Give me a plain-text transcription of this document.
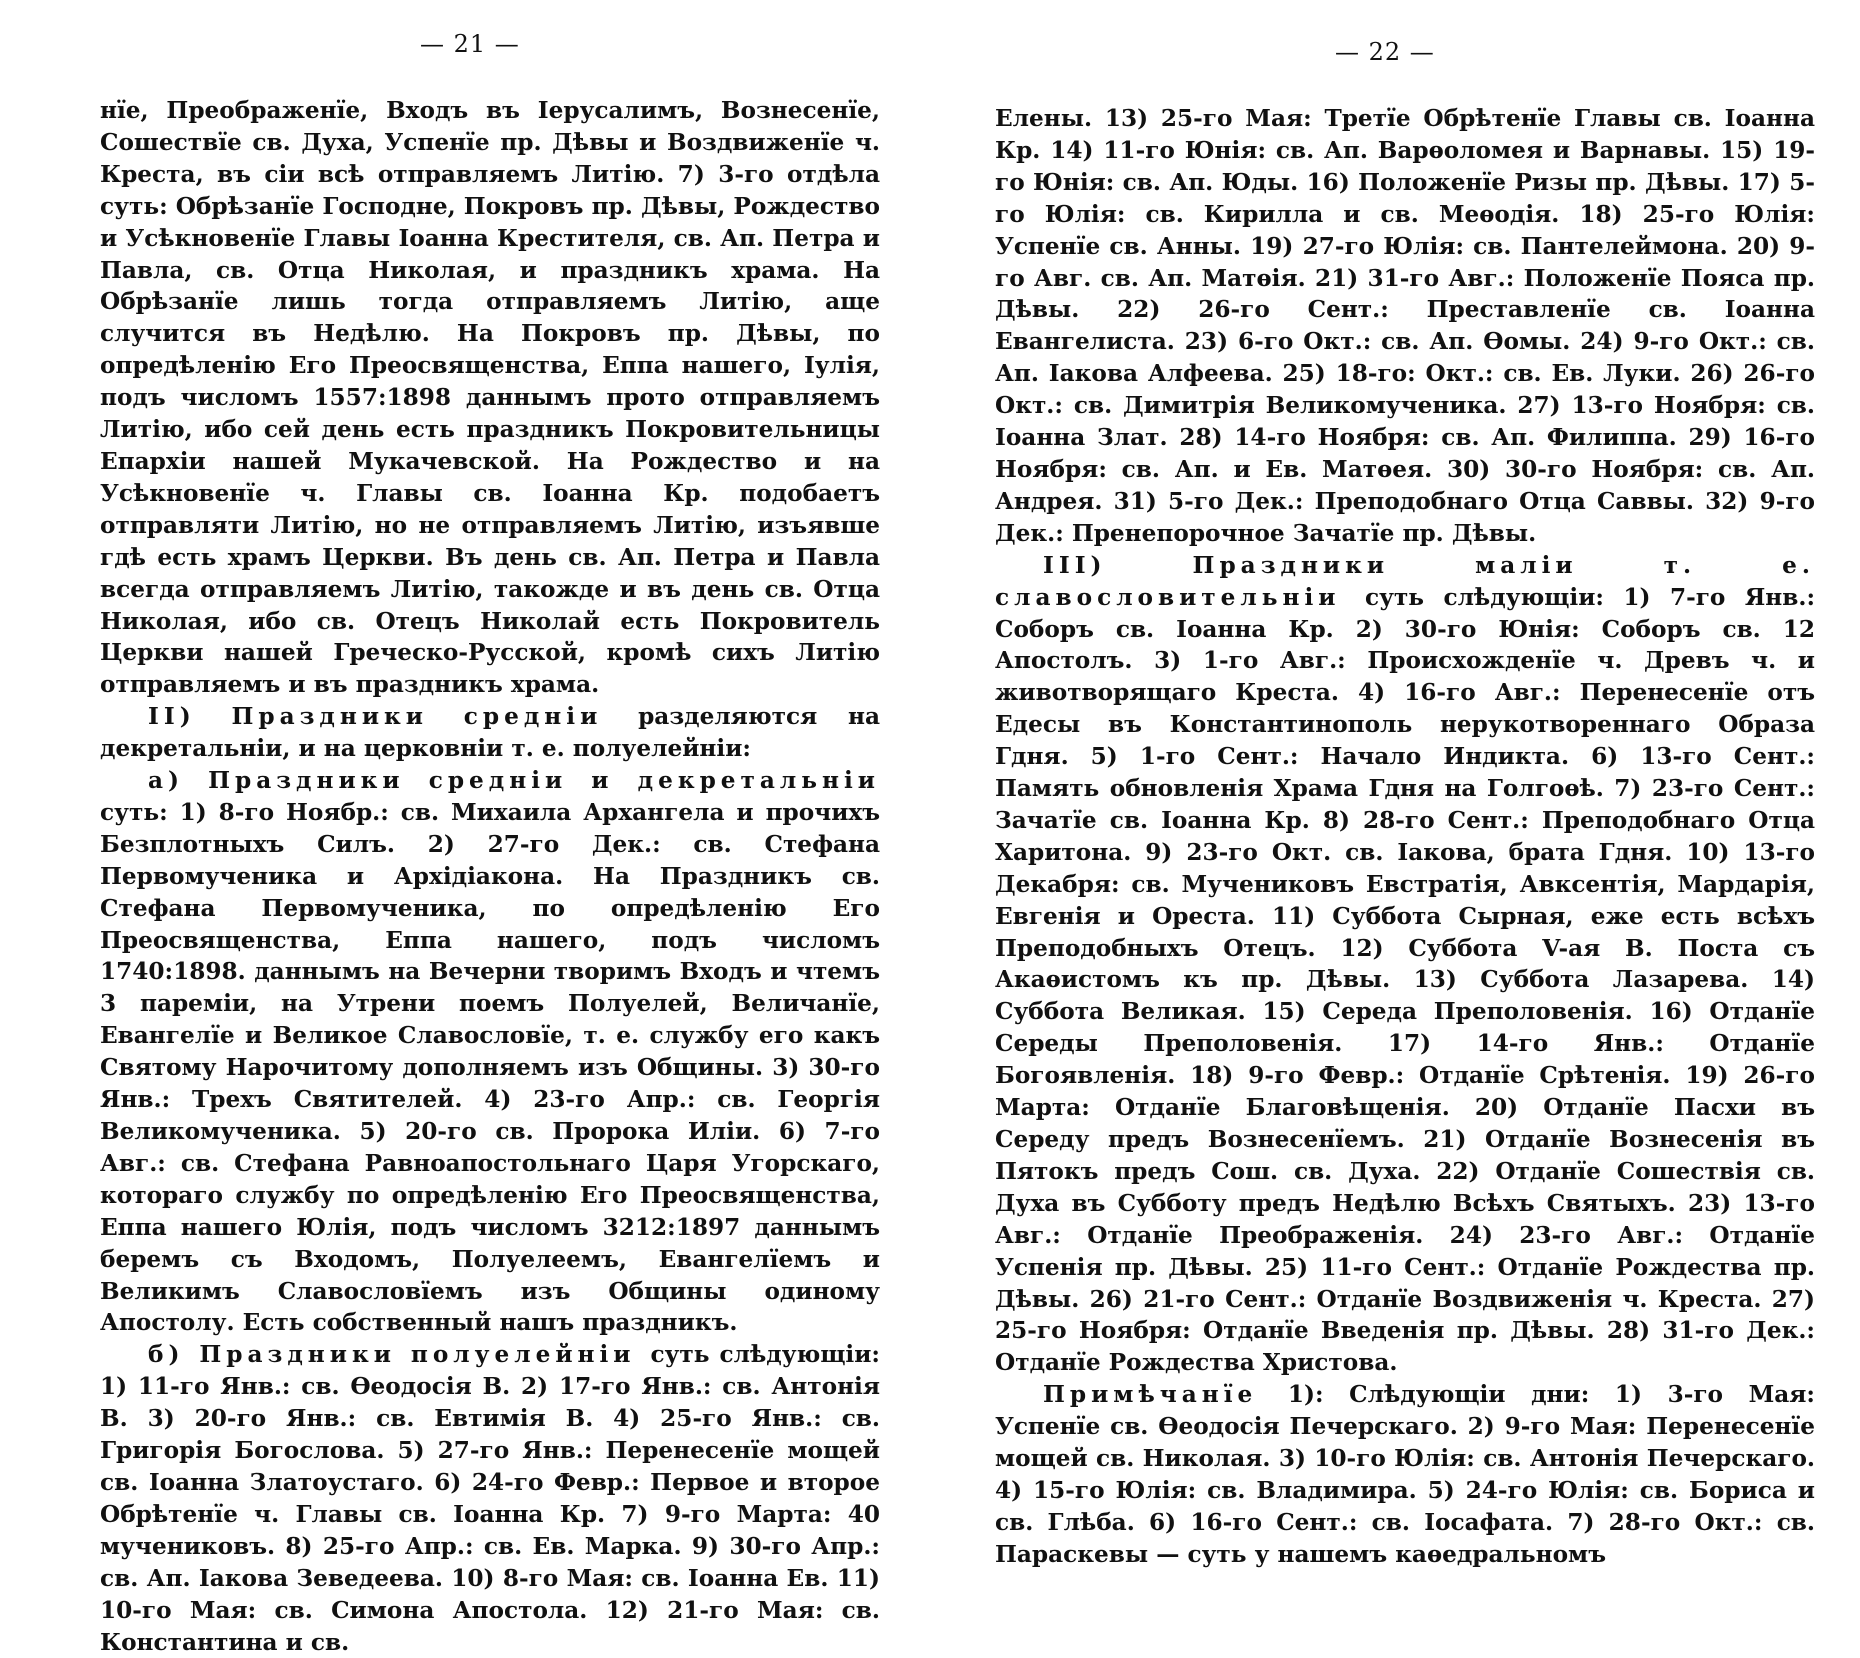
— 21 —

нїе, Преображенїе, Входъ въ Iерусалимъ, Вознесенїе, Сошествїе св. Духа, Успенїе пр. Дѣвы и Воздвиженїе ч. Креста, въ сiи всѣ отправляемъ Литiю. 7) 3-го отдѣла суть: Обрѣзанїе Господне, Покровъ пр. Дѣвы, Рождество и Усѣкновенїе Главы Iоанна Крестителя, св. Ап. Петра и Павла, св. Отца Николая, и праздникъ храма. На Обрѣзанїе лишь тогда отправляемъ Литiю, аще случится въ Недѣлю. На Покровъ пр. Дѣвы, по опредѣленiю Его Преосвященства, Еппа нашего, Iулiя, подъ числомъ 1557:1898 даннымъ прото отправляемъ Литiю, ибо сей день есть праздникъ Покровительницы Епархiи нашей Мукачевской. На Рождество и на Усѣкновенїе ч. Главы св. Iоанна Кр. подобаетъ отправляти Литiю, но не отправляемъ Литiю, изъявше гдѣ есть храмъ Церкви. Въ день св. Ап. Петра и Павла всегда отправляемъ Литiю, такожде и въ день св. Отца Николая, ибо св. Отецъ Николай есть Покровитель Церкви нашей Греческо-Русской, кромѣ сихъ Литiю отправляемъ и въ праздникъ храма.

II) Праздники среднiи разделяются на декретальнiи, и на церковнiи т. е. полуелейнiи:

а) Праздники среднiи и декретальнiи суть: 1) 8-го Ноябр.: св. Михаила Архангела и прочихъ Безплотныхъ Силъ. 2) 27-го Дек.: св. Стефана Первомученика и Архiдiакона. На Праздникъ св. Стефана Первомученика, по опредѣленiю Его Преосвященства, Еппа нашего, подъ числомъ 1740:1898. даннымъ на Вечерни творимъ Входъ и чтемъ 3 паремiи, на Утрени поемъ Полуелей, Величанїе, Евангелїе и Великое Славословїе, т. е. службу его какъ Святому Нарочитому дополняемъ изъ Общины. 3) 30-го Янв.: Трехъ Святителей. 4) 23-го Апр.: св. Георгiя Великомученика. 5) 20-го св. Пророка Илiи. 6) 7-го Авг.: св. Стефана Равноапостольнаго Царя Угорскаго, котораго службу по опредѣленiю Его Преосвященства, Еппа нашего Юлiя, подъ числомъ 3212:1897 даннымъ беремъ съ Входомъ, Полуелеемъ, Евангелїемъ и Великимъ Славословїемъ изъ Общины одиному Апостолу. Есть собственный нашъ праздникъ.

б) Праздники полуелейнiи суть слѣдующiи: 1) 11-го Янв.: св. Ѳеодосiя В. 2) 17-го Янв.: св. Антонiя В. 3) 20-го Янв.: св. Евтимiя В. 4) 25-го Янв.: св. Григорiя Богослова. 5) 27-го Янв.: Перенесенїе мощей св. Iоанна Златоустаго. 6) 24-го Февр.: Первое и второе Обрѣтенїе ч. Главы св. Iоанна Кр. 7) 9-го Марта: 40 мучениковъ. 8) 25-го Апр.: св. Ев. Марка. 9) 30-го Апр.: св. Ап. Iакова Зеведеева. 10) 8-го Мая: св. Iоанна Ев. 11) 10-го Мая: св. Симона Апостола. 12) 21-го Мая: св. Константина и св.

— 22 —

Елены. 13) 25-го Мая: Третїе Обрѣтенїе Главы св. Iоанна Кр. 14) 11-го Юнiя: св. Ап. Варѳоломея и Варнавы. 15) 19-го Юнiя: св. Ап. Юды. 16) Положенїе Ризы пр. Дѣвы. 17) 5-го Юлiя: св. Кирилла и св. Меѳодiя. 18) 25-го Юлiя: Успенїе св. Анны. 19) 27-го Юлiя: св. Пантелеймона. 20) 9-го Авг. св. Ап. Матѳiя. 21) 31-го Авг.: Положенїе Пояса пр. Дѣвы. 22) 26-го Сент.: Преставленїе св. Iоанна Евангелиста. 23) 6-го Окт.: св. Ап. Ѳомы. 24) 9-го Окт.: св. Ап. Iакова Алфеева. 25) 18-го: Окт.: св. Ев. Луки. 26) 26-го Окт.: св. Димитрiя Великомученика. 27) 13-го Ноября: св. Iоанна Злат. 28) 14-го Ноября: св. Ап. Филиппа. 29) 16-го Ноября: св. Ап. и Ев. Матѳея. 30) 30-го Ноября: св. Ап. Андрея. 31) 5-го Дек.: Преподобнаго Отца Саввы. 32) 9-го Дек.: Пренепорочное Зачатїе пр. Дѣвы.

III) Праздники малiи т. е. славословительнiи суть слѣдующiи: 1) 7-го Янв.: Соборъ св. Iоанна Кр. 2) 30-го Юнiя: Соборъ св. 12 Апостолъ. 3) 1-го Авг.: Происхожденїе ч. Древъ ч. и животворящаго Креста. 4) 16-го Авг.: Перенесенїе отъ Едесы въ Константинополь нерукотвореннаго Образа Гдня. 5) 1-го Сент.: Начало Индикта. 6) 13-го Сент.: Память обновленiя Храма Гдня на Голгоѳѣ. 7) 23-го Сент.: Зачатїе св. Iоанна Кр. 8) 28-го Сент.: Преподобнаго Отца Харитона. 9) 23-го Окт. св. Iакова, брата Гдня. 10) 13-го Декабря: св. Мучениковъ Евстратiя, Авксентiя, Мардарiя, Евгенiя и Ореста. 11) Суббота Сырная, еже есть всѣхъ Преподобныхъ Отецъ. 12) Суббота V-ая В. Поста съ Акаѳистомъ къ пр. Дѣвы. 13) Суббота Лазарева. 14) Суббота Великая. 15) Середа Преполовенiя. 16) Отданїе Середы Преполовенiя. 17) 14-го Янв.: Отданїе Богоявленiя. 18) 9-го Февр.: Отданїе Срѣтенiя. 19) 26-го Марта: Отданїе Благовѣщенiя. 20) Отданїе Пасхи въ Середу предъ Вознесенїемъ. 21) Отданїе Вознесенiя въ Пятокъ предъ Сош. св. Духа. 22) Отданїе Сошествiя св. Духа въ Субботу предъ Недѣлю Всѣхъ Святыхъ. 23) 13-го Авг.: Отданїе Преображенiя. 24) 23-го Авг.: Отданїе Успенiя пр. Дѣвы. 25) 11-го Сент.: Отданїе Рождества пр. Дѣвы. 26) 21-го Сент.: Отданїе Воздвиженiя ч. Креста. 27) 25-го Ноября: Отданїе Введенiя пр. Дѣвы. 28) 31-го Дек.: Отданїе Рождества Христова.

Примѣчанїе 1): Слѣдующiи дни: 1) 3-го Мая: Успенїе св. Ѳеодосiя Печерскаго. 2) 9-го Мая: Перенесенїе мощей св. Николая. 3) 10-го Юлiя: св. Антонiя Печерскаго. 4) 15-го Юлiя: св. Владимира. 5) 24-го Юлiя: св. Бориса и св. Глѣба. 6) 16-го Сент.: св. Iосафата. 7) 28-го Окт.: св. Параскевы — суть у нашемъ каѳедральномъ
